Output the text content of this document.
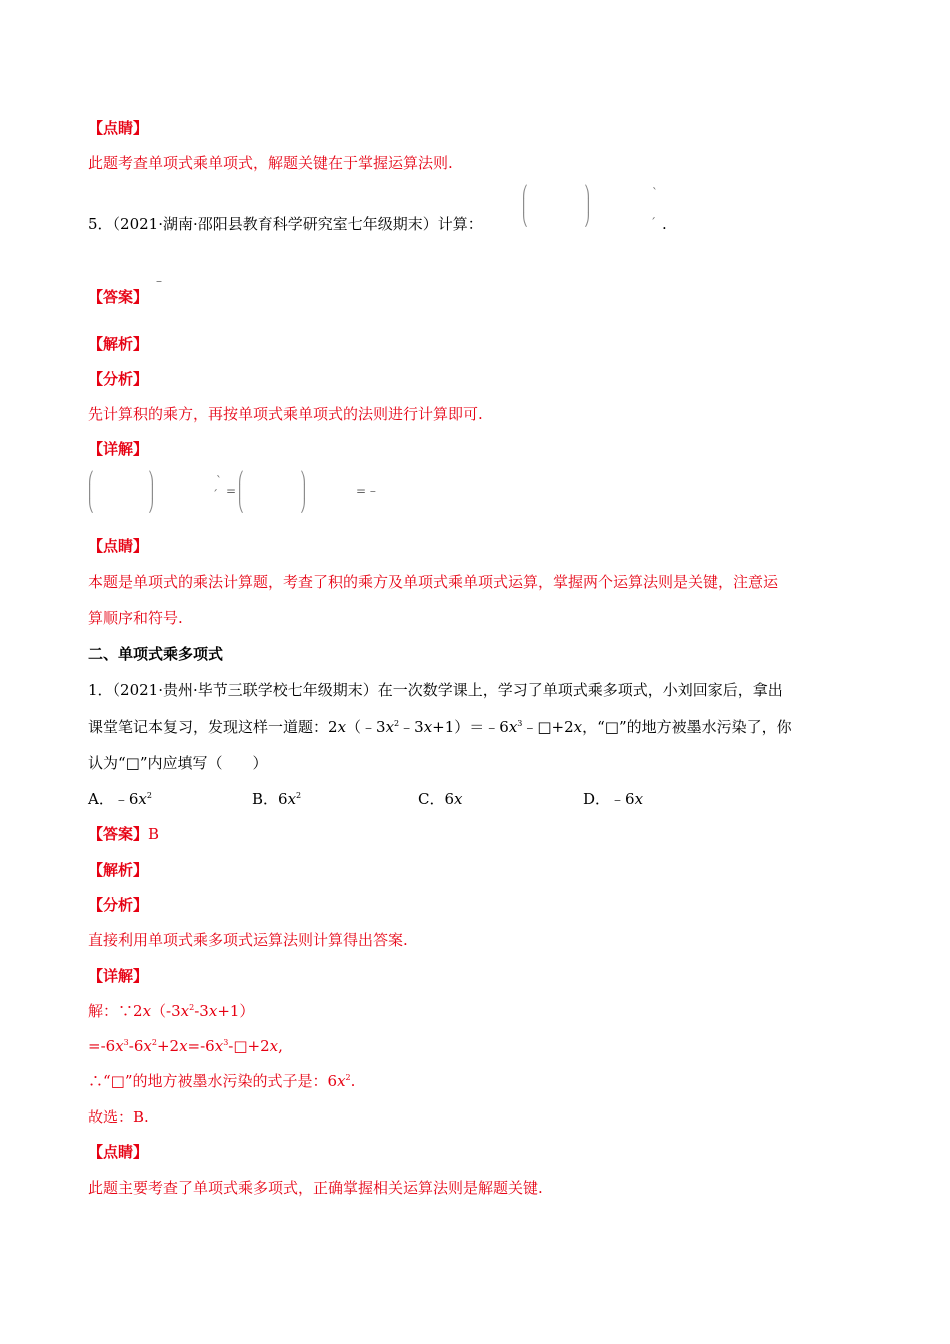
【点睛】
此题考查单项式乘单项式，解题关键在于掌握运算法则.
5．（2021·湖南·邵阳县教育科学研究室七年级期末）计算：
⎛
⎜
⎝
⎞
⎟
⎠
ˋ
ˊ .
【答案】
–
【解析】
【分析】
先计算积的乘方，再按单项式乘单项式的法则进行计算即可.
【详解】
⎛
⎜
⎝
⎞
⎟
⎠
ˋ
ˊ =
⎛
⎜
⎝
⎞
⎟
⎠
= –
【点睛】
本题是单项式的乘法计算题，考查了积的乘方及单项式乘单项式运算，掌握两个运算法则是关键，注意运
算顺序和符号.
二、单项式乘多项式
1．（2021·贵州·毕节三联学校七年级期末）在一次数学课上，学习了单项式乘多项式，小刘回家后，拿出
课堂笔记本复习，发现这样一道题：$2x(﹣3x^2﹣3x+1)=﹣6x^3﹣□+2x$，“□”的地方被墨水污染了，你
认为“□”内应填写（　　）
A．$﹣6x^2$	B．$6x^2$	C．6x	D．﹣6x
【答案】B
【解析】
【分析】
直接利用单项式乘多项式运算法则计算得出答案.
【详解】
解：$\because 2x(-3x^2-3x+1)$
$=-6x^3-6x^2+2x=-6x^3-□+2x$,
∴“□”的地方被墨水污染的式子是：$6x^2$.
故选：B.
【点睛】
此题主要考查了单项式乘多项式，正确掌握相关运算法则是解题关键.
